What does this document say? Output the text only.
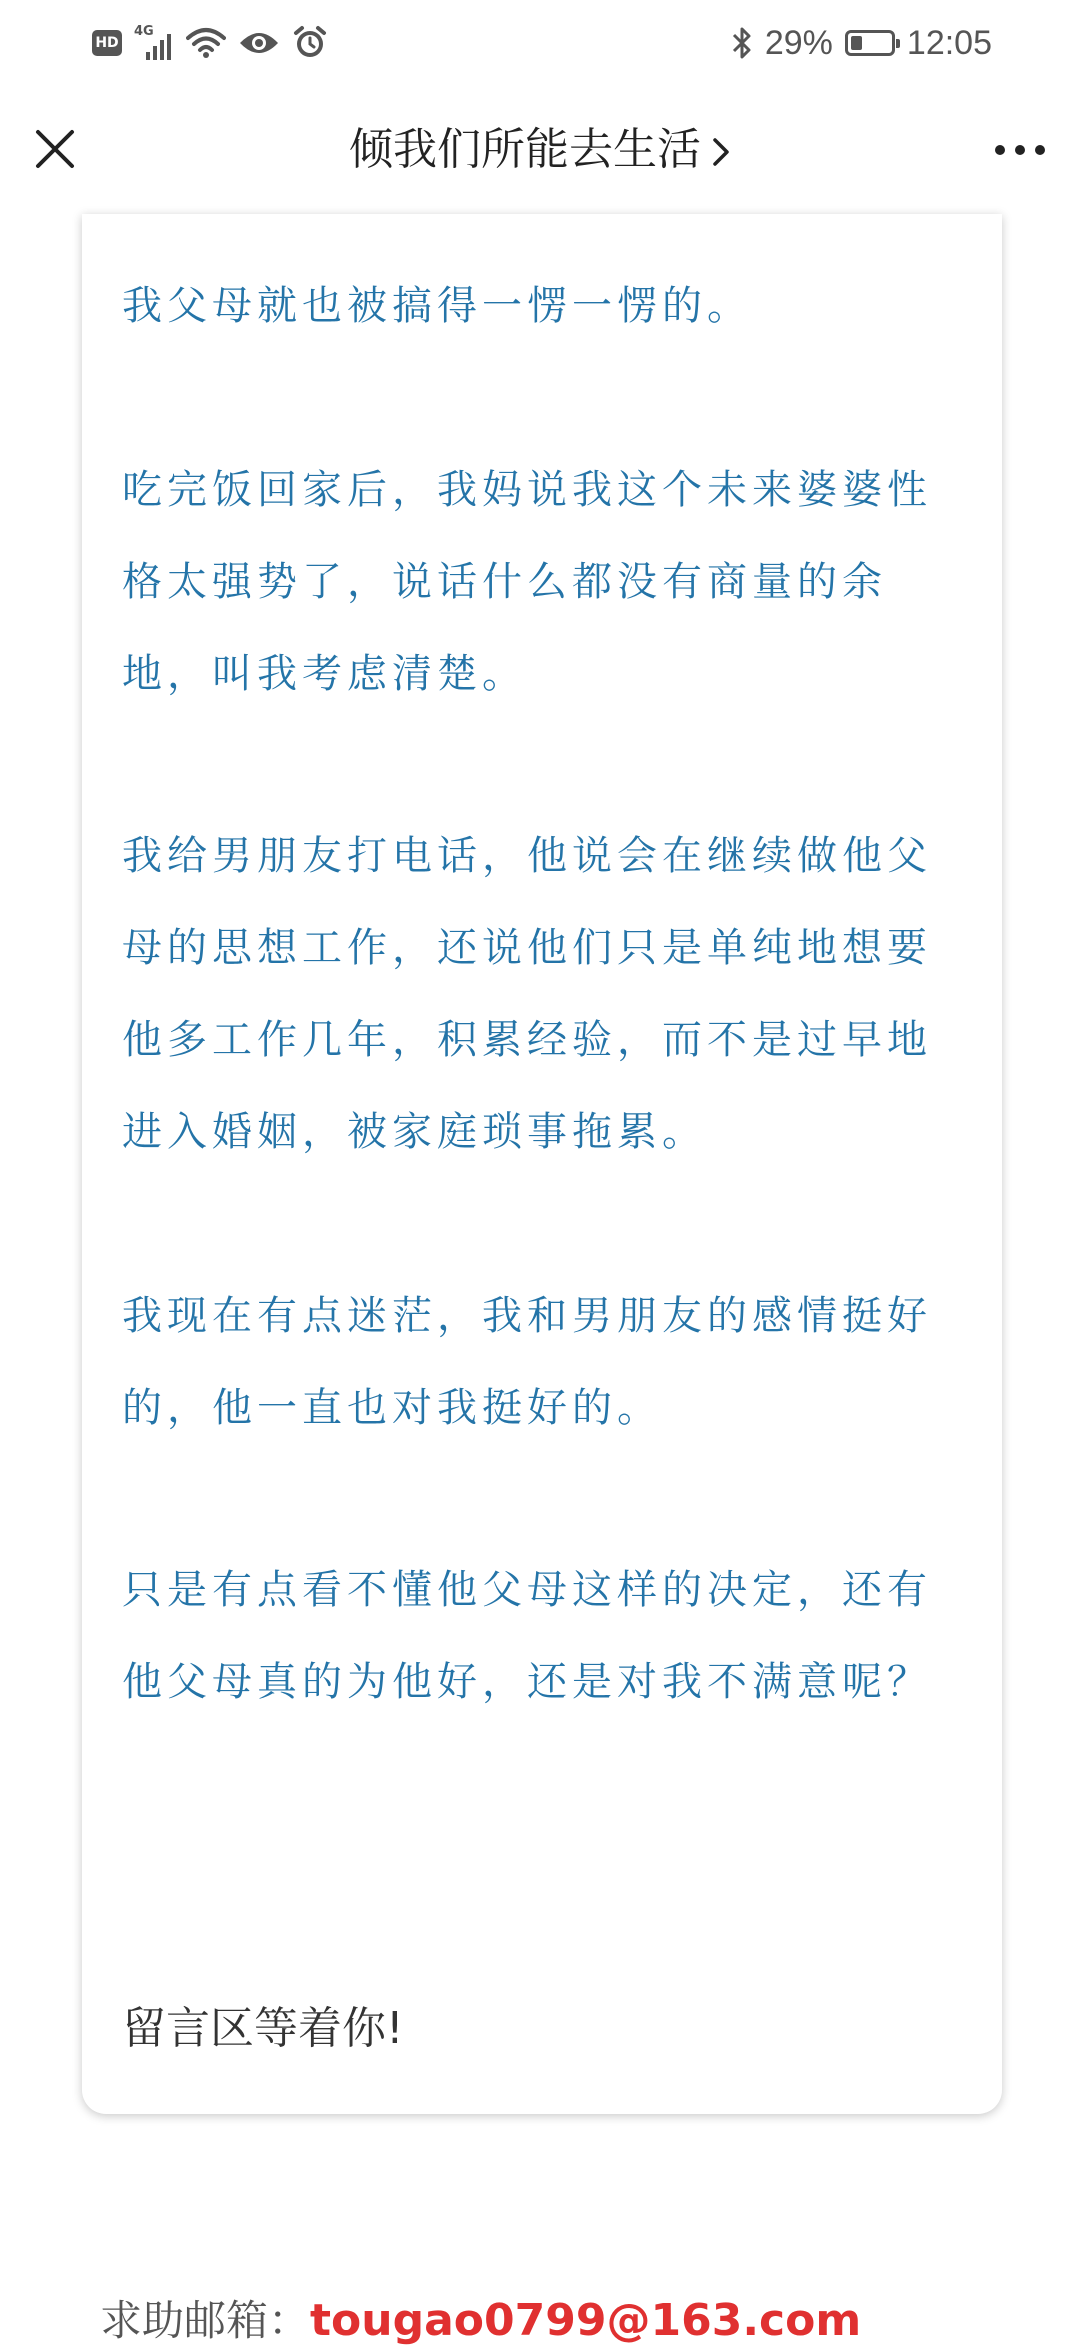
HD
4G	29% 12:05
倾我们所能去生活

我父母就也被搞得一愣一愣的。

吃完饭回家后，我妈说我这个未来婆婆性格太强势了，说话什么都没有商量的余地，叫我考虑清楚。

我给男朋友打电话，他说会在继续做他父母的思想工作，还说他们只是单纯地想要他多工作几年，积累经验，而不是过早地进入婚姻，被家庭琐事拖累。

我现在有点迷茫，我和男朋友的感情挺好的，他一直也对我挺好的。

只是有点看不懂他父母这样的决定，还有他父母真的为他好，还是对我不满意呢？

留言区等着你!

求助邮箱：tougao0799@163.com
